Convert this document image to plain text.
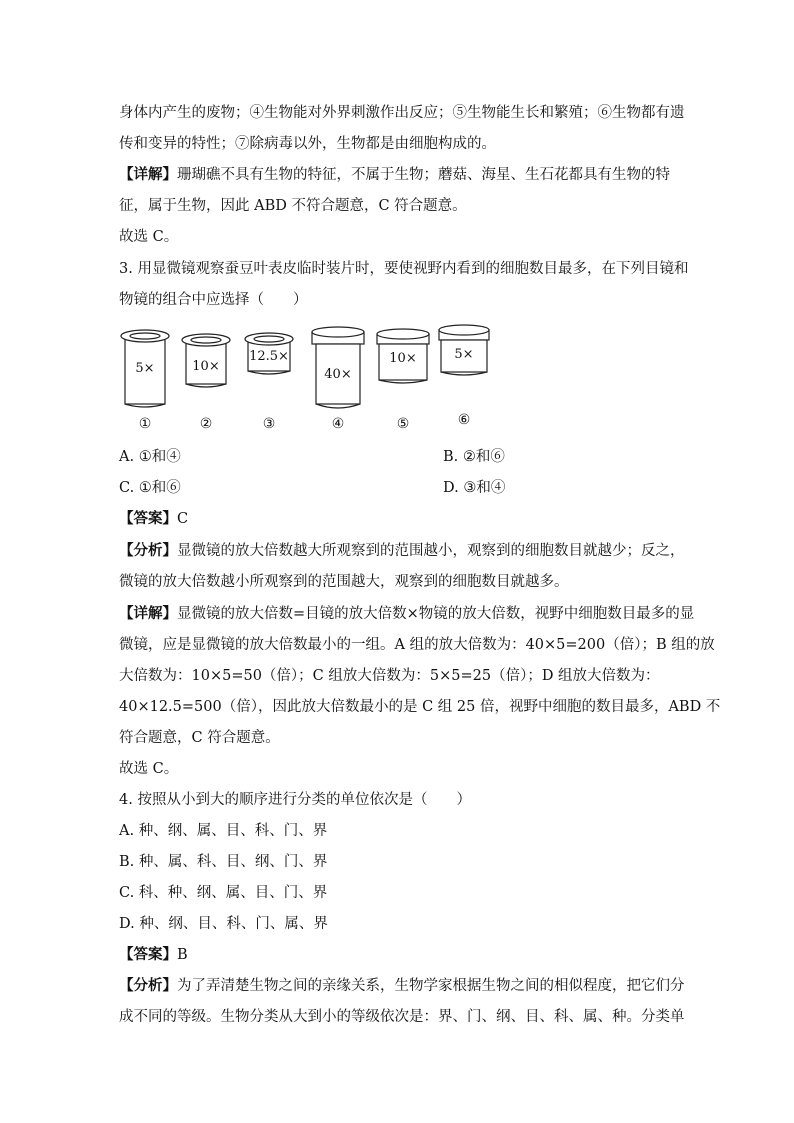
身体内产生的废物；④生物能对外界刺激作出反应；⑤生物能生长和繁殖；⑥生物都有遗
传和变异的特性；⑦除病毒以外，生物都是由细胞构成的。
【详解】珊瑚礁不具有生物的特征，不属于生物；蘑菇、海星、生石花都具有生物的特
征，属于生物，因此 ABD 不符合题意，C 符合题意。
故选 C。
3. 用显微镜观察蚕豆叶表皮临时装片时，要使视野内看到的细胞数目最多，在下列目镜和
物镜的组合中应选择（　　）
5×	10×
12.5×
40×
10×	5×
①	②	③	④	⑤	⑥
A. ①和④	B. ②和⑥
C. ①和⑥	D. ③和④
【答案】C
【分析】显微镜的放大倍数越大所观察到的范围越小，观察到的细胞数目就越少；反之，
微镜的放大倍数越小所观察到的范围越大，观察到的细胞数目就越多。
【详解】显微镜的放大倍数=目镜的放大倍数×物镜的放大倍数，视野中细胞数目最多的显
微镜，应是显微镜的放大倍数最小的一组。A 组的放大倍数为：40×5=200（倍）；B 组的放
大倍数为：10×5=50（倍）；C 组放大倍数为：5×5=25（倍）；D 组放大倍数为：
40×12.5=500（倍），因此放大倍数最小的是 C 组 25 倍，视野中细胞的数目最多，ABD 不
符合题意，C 符合题意。
故选 C。
4. 按照从小到大的顺序进行分类的单位依次是（　　）
A. 种、纲、属、目、科、门、界
B. 种、属、科、目、纲、门、界
C. 科、种、纲、属、目、门、界
D. 种、纲、目、科、门、属、界
【答案】B
【分析】为了弄清楚生物之间的亲缘关系，生物学家根据生物之间的相似程度，把它们分
成不同的等级。生物分类从大到小的等级依次是：界、门、纲、目、科、属、种。分类单
